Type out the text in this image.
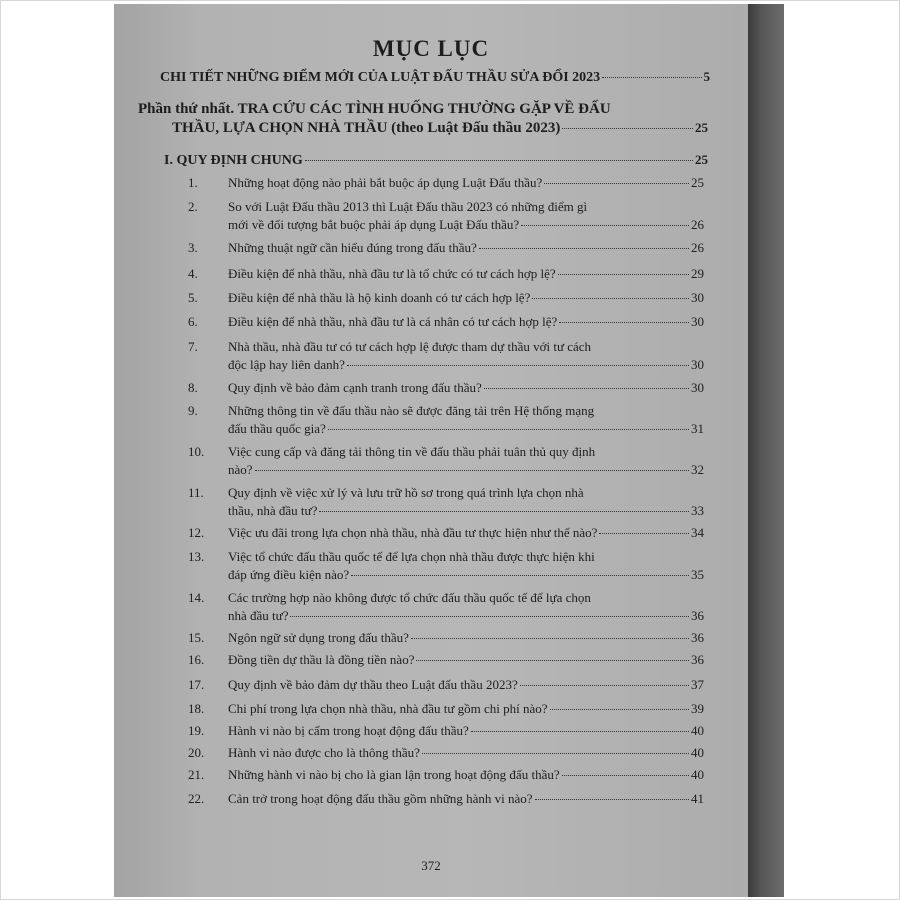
MỤC LỤC
CHI TIẾT NHỮNG ĐIỂM MỚI CỦA LUẬT ĐẤU THẦU SỬA ĐỔI 2023	5
Phần thứ nhất. TRA CỨU CÁC TÌNH HUỐNG THƯỜNG GẶP VỀ ĐẤU
THẦU, LỰA CHỌN NHÀ THẦU (theo Luật Đấu thầu 2023)	25
I. QUY ĐỊNH CHUNG	25
1.	Những hoạt động nào phải bắt buộc áp dụng Luật Đấu thầu?	25
2.	So với Luật Đấu thầu 2013 thì Luật Đấu thầu 2023 có những điểm gì
mới về đối tượng bắt buộc phải áp dụng Luật Đấu thầu?	26
3.	Những thuật ngữ cần hiểu đúng trong đấu thầu?	26
4.	Điều kiện để nhà thầu, nhà đầu tư là tổ chức có tư cách hợp lệ?	29
5.	Điều kiện để nhà thầu là hộ kinh doanh có tư cách hợp lệ?	30
6.	Điều kiện để nhà thầu, nhà đầu tư là cá nhân có tư cách hợp lệ?	30
7.	Nhà thầu, nhà đầu tư có tư cách hợp lệ được tham dự thầu với tư cách
độc lập hay liên danh?	30
8.	Quy định về bảo đảm cạnh tranh trong đấu thầu?	30
9.	Những thông tin về đấu thầu nào sẽ được đăng tải trên Hệ thống mạng
đấu thầu quốc gia?	31
10.	Việc cung cấp và đăng tải thông tin về đấu thầu phải tuân thủ quy định
nào?	32
11.	Quy định về việc xử lý và lưu trữ hồ sơ trong quá trình lựa chọn nhà
thầu, nhà đầu tư?	33
12.	Việc ưu đãi trong lựa chọn nhà thầu, nhà đầu tư thực hiện như thế nào?	34
13.	Việc tổ chức đấu thầu quốc tế để lựa chọn nhà thầu được thực hiện khi
đáp ứng điều kiện nào?	35
14.	Các trường hợp nào không được tổ chức đấu thầu quốc tế để lựa chọn
nhà đầu tư?	36
15.	Ngôn ngữ sử dụng trong đấu thầu?	36
16.	Đồng tiền dự thầu là đồng tiền nào?	36
17.	Quy định về bảo đảm dự thầu theo Luật đấu thầu 2023?	37
18.	Chi phí trong lựa chọn nhà thầu, nhà đầu tư gồm chi phí nào?	39
19.	Hành vi nào bị cấm trong hoạt động đấu thầu?	40
20.	Hành vi nào được cho là thông thầu?	40
21.	Những hành vi nào bị cho là gian lận trong hoạt động đấu thầu?	40
22.	Cản trở trong hoạt động đấu thầu gồm những hành vi nào?	41
372
